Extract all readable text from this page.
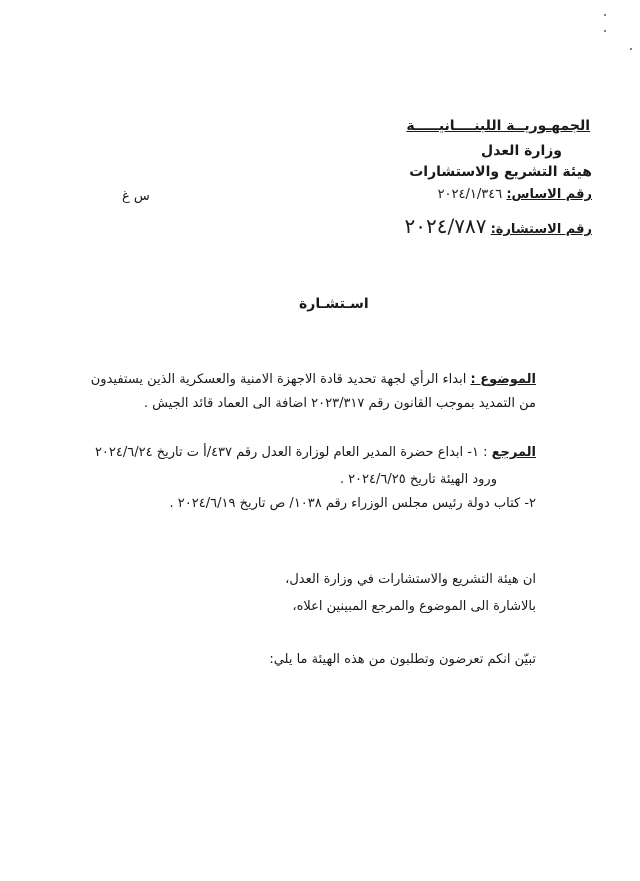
الجمهـوريــة اللبنــــانيـــــة
وزارة العدل
هيئة التشريع والاستشارات
رقم الاساس: ٢٠٢٤/١/٣٤٦
رقم الاستشارة: ٢٠٢٤/٧٨٧
س غ
اسـتشـارة
الموضوع : ابداء الرأي لجهة تحديد قادة الاجهزة الامنية والعسكرية الذين يستفيدون
من التمديد بموجب القانون رقم ٢٠٢٣/٣١٧ اضافة الى العماد قائد الجيش .
المرجع : ١- ابداع حضرة المدير العام لوزارة العدل رقم ٤٣٧/أ ت تاريخ ٢٠٢٤/٦/٢٤
ورود الهيئة تاريخ ٢٠٢٤/٦/٢٥ .
٢- كتاب دولة رئيس مجلس الوزراء رقم ١٠٣٨/ ص تاريخ ٢٠٢٤/٦/١٩ .
ان هيئة التشريع والاستشارات في وزارة العدل،
بالاشارة الى الموضوع والمرجع المبينين اعلاه،
تبيّن انكم تعرضون وتطلبون من هذه الهيئة ما يلي:
